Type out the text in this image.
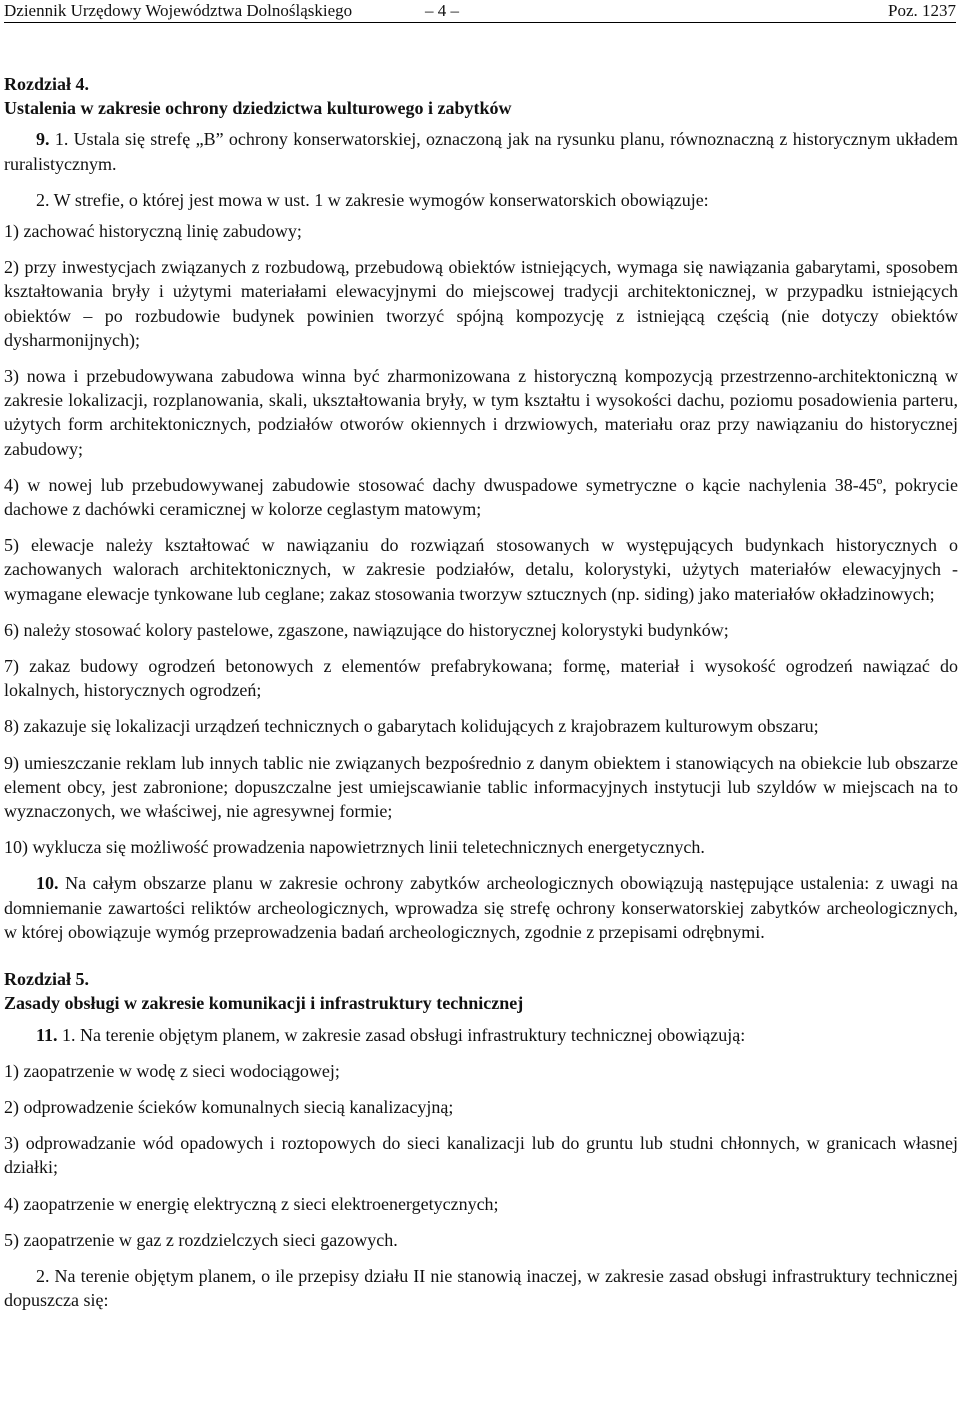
Dziennik Urzędowy Województwa Dolnośląskiego	– 4 –	Poz. 1237

Rozdział 4.

Ustalenia w zakresie ochrony dziedzictwa kulturowego i zabytków

9. 1. Ustala się strefę „B” ochrony konserwatorskiej, oznaczoną jak na rysunku planu, równoznaczną z historycznym układem ruralistycznym.

2. W strefie, o której jest mowa w ust. 1 w zakresie wymogów konserwatorskich obowiązuje:

1) zachować historyczną linię zabudowy;

2) przy inwestycjach związanych z rozbudową, przebudową obiektów istniejących, wymaga się nawiązania gabarytami, sposobem kształtowania bryły i użytymi materiałami elewacyjnymi do miejscowej tradycji architektonicznej, w przypadku istniejących obiektów – po rozbudowie budynek powinien tworzyć spójną kompozycję z istniejącą częścią (nie dotyczy obiektów dysharmonijnych);

3) nowa i przebudowywana zabudowa winna być zharmonizowana z historyczną kompozycją przestrzenno-architektoniczną w zakresie lokalizacji, rozplanowania, skali, ukształtowania bryły, w tym kształtu i wysokości dachu, poziomu posadowienia parteru, użytych form architektonicznych, podziałów otworów okiennych i drzwiowych, materiału oraz przy nawiązaniu do historycznej zabudowy;

4) w nowej lub przebudowywanej zabudowie stosować dachy dwuspadowe symetryczne o kącie nachylenia 38-45º, pokrycie dachowe z dachówki ceramicznej w kolorze ceglastym matowym;

5) elewacje należy kształtować w nawiązaniu do rozwiązań stosowanych w występujących budynkach historycznych o zachowanych walorach architektonicznych, w zakresie podziałów, detalu, kolorystyki, użytych materiałów elewacyjnych - wymagane elewacje tynkowane lub ceglane; zakaz stosowania tworzyw sztucznych (np. siding) jako materiałów okładzinowych;

6) należy stosować kolory pastelowe, zgaszone, nawiązujące do historycznej kolorystyki budynków;

7) zakaz budowy ogrodzeń betonowych z elementów prefabrykowana; formę, materiał i wysokość ogrodzeń nawiązać do lokalnych, historycznych ogrodzeń;

8) zakazuje się lokalizacji urządzeń technicznych o gabarytach kolidujących z krajobrazem kulturowym obszaru;

9) umieszczanie reklam lub innych tablic nie związanych bezpośrednio z danym obiektem i stanowiących na obiekcie lub obszarze element obcy, jest zabronione; dopuszczalne jest umiejscawianie tablic informacyjnych instytucji lub szyldów w miejscach na to wyznaczonych, we właściwej, nie agresywnej formie;

10) wyklucza się możliwość prowadzenia napowietrznych linii teletechnicznych energetycznych.

10. Na całym obszarze planu w zakresie ochrony zabytków archeologicznych obowiązują następujące ustalenia: z uwagi na domniemanie zawartości reliktów archeologicznych, wprowadza się strefę ochrony konserwatorskiej zabytków archeologicznych, w której obowiązuje wymóg przeprowadzenia badań archeologicznych, zgodnie z przepisami odrębnymi.

Rozdział 5.

Zasady obsługi w zakresie komunikacji i infrastruktury technicznej

11. 1. Na terenie objętym planem, w zakresie zasad obsługi infrastruktury technicznej obowiązują:

1) zaopatrzenie w wodę z sieci wodociągowej;

2) odprowadzenie ścieków komunalnych siecią kanalizacyjną;

3) odprowadzanie wód opadowych i roztopowych do sieci kanalizacji lub do gruntu lub studni chłonnych, w granicach własnej działki;

4) zaopatrzenie w energię elektryczną z sieci elektroenergetycznych;

5) zaopatrzenie w gaz z rozdzielczych sieci gazowych.

2. Na terenie objętym planem, o ile przepisy działu II nie stanowią inaczej, w zakresie zasad obsługi infrastruktury technicznej dopuszcza się:
